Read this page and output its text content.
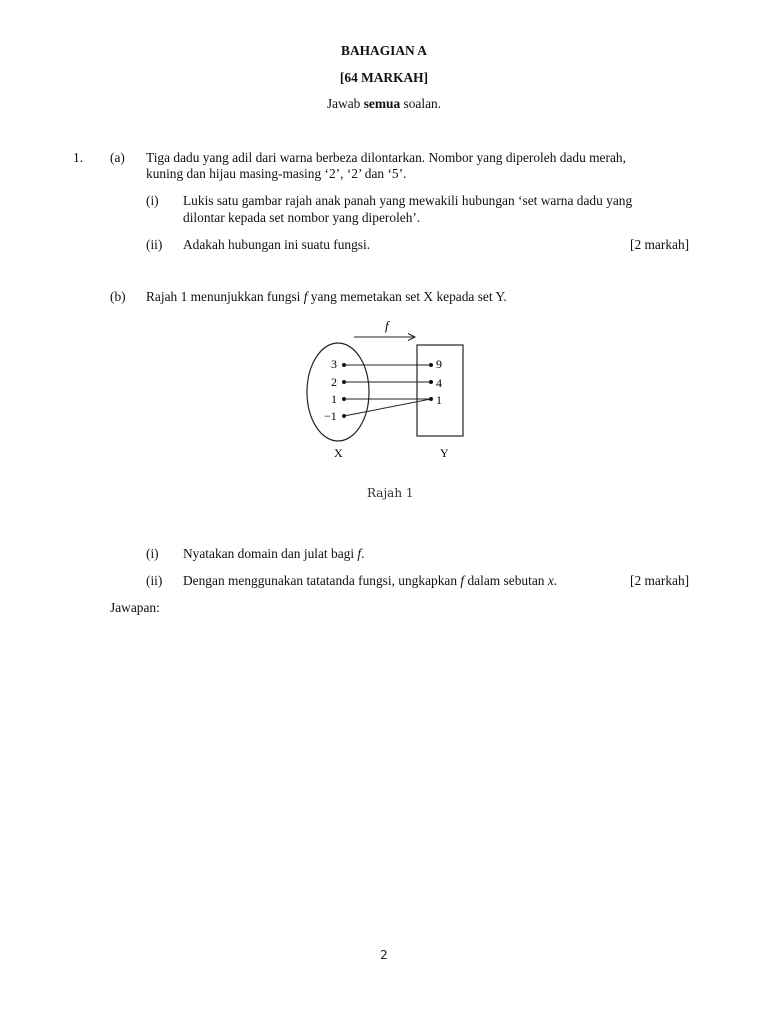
BAHAGIAN A
[64 MARKAH]
Jawab semua soalan.
1. (a) Tiga dadu yang adil dari warna berbeza dilontarkan. Nombor yang diperoleh dadu merah,
kuning dan hijau masing-masing ‘2’, ‘2’ dan ‘5’.
(i) Lukis satu gambar rajah anak panah yang mewakili hubungan ‘set warna dadu yang
dilontar kepada set nombor yang diperoleh’.
(ii) Adakah hubungan ini suatu fungsi.	[2 markah]
(b) Rajah 1 menunjukkan fungsi f yang memetakan set X kepada set Y.
f
3
2
1
−1
9
4
1
X	Y
Rajah 1
(i) Nyatakan domain dan julat bagi f.
(ii) Dengan menggunakan tatatanda fungsi, ungkapkan f dalam sebutan x.	[2 markah]
Jawapan:
2
